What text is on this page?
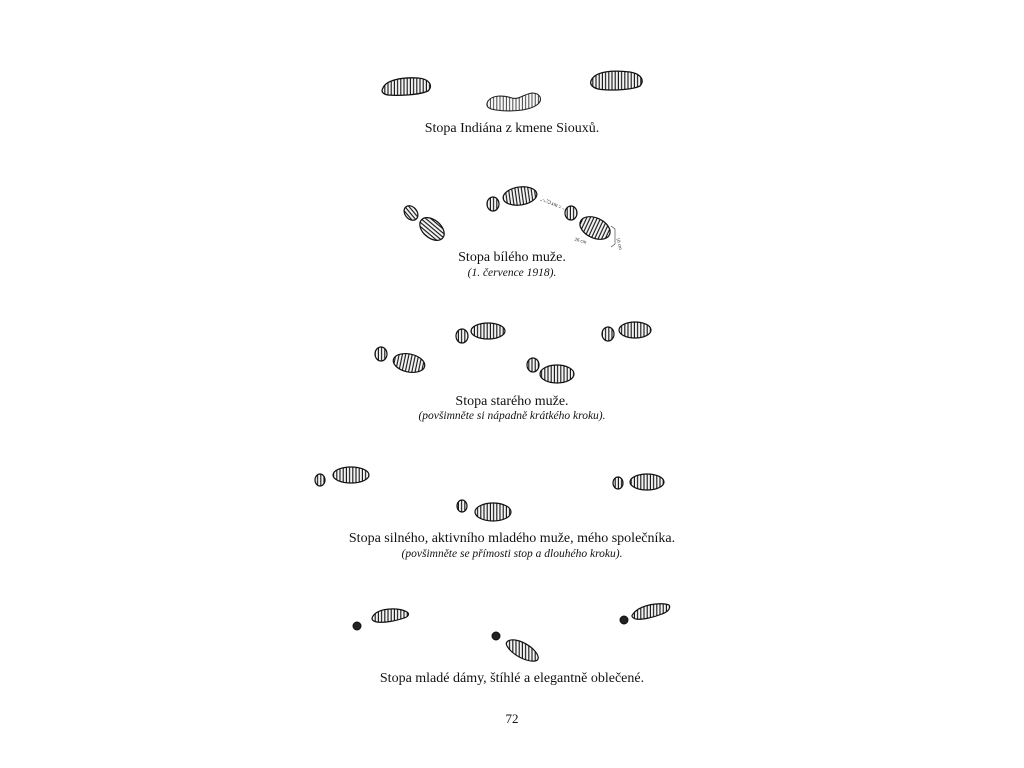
~ 73 cm ~
26 cm	10 cm
Stopa Indiána z kmene Siouxů.
Stopa bílého muže.
(1. července 1918).
Stopa starého muže.
(povšimněte si nápadně krátkého kroku).
Stopa silného, aktivního mladého muže, mého společníka.
(povšimněte se přímosti stop a dlouhého kroku).
Stopa mladé dámy, štíhlé a elegantně oblečené.
72
